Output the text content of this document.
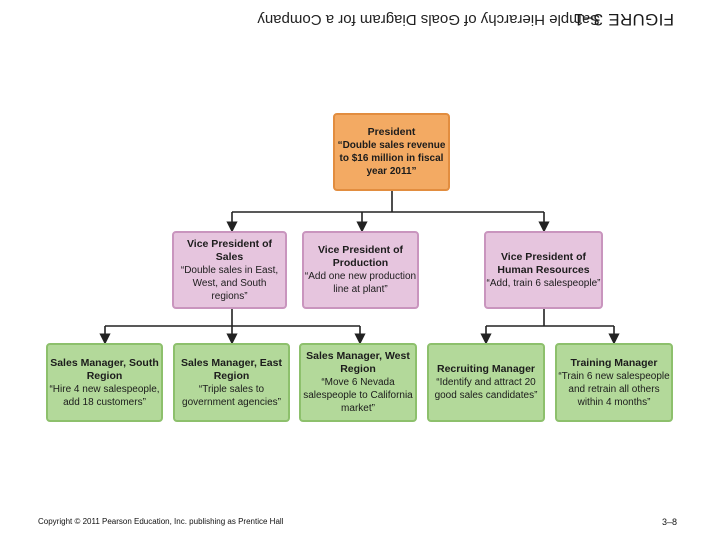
FIGURE 3–1
Sample Hierarchy of Goals Diagram for a Company
President
“Double sales revenue to $16 million in fiscal year 2011”
Vice President of Sales
“Double sales in East, West, and South regions”
Vice President of Production
“Add one new production line at plant”
Vice President of Human Resources
“Add, train 6 salespeople”
Sales Manager, South Region
“Hire 4 new salespeople, add 18 customers”
Sales Manager, East Region
“Triple sales to government agencies”
Sales Manager, West Region
“Move 6 Nevada salespeople to California market”
Recruiting Manager
“Identify and attract 20 good sales candidates”
Training Manager
“Train 6 new salespeople and retrain all others within 4 months”
Copyright © 2011 Pearson Education, Inc. publishing as Prentice Hall	3–8
